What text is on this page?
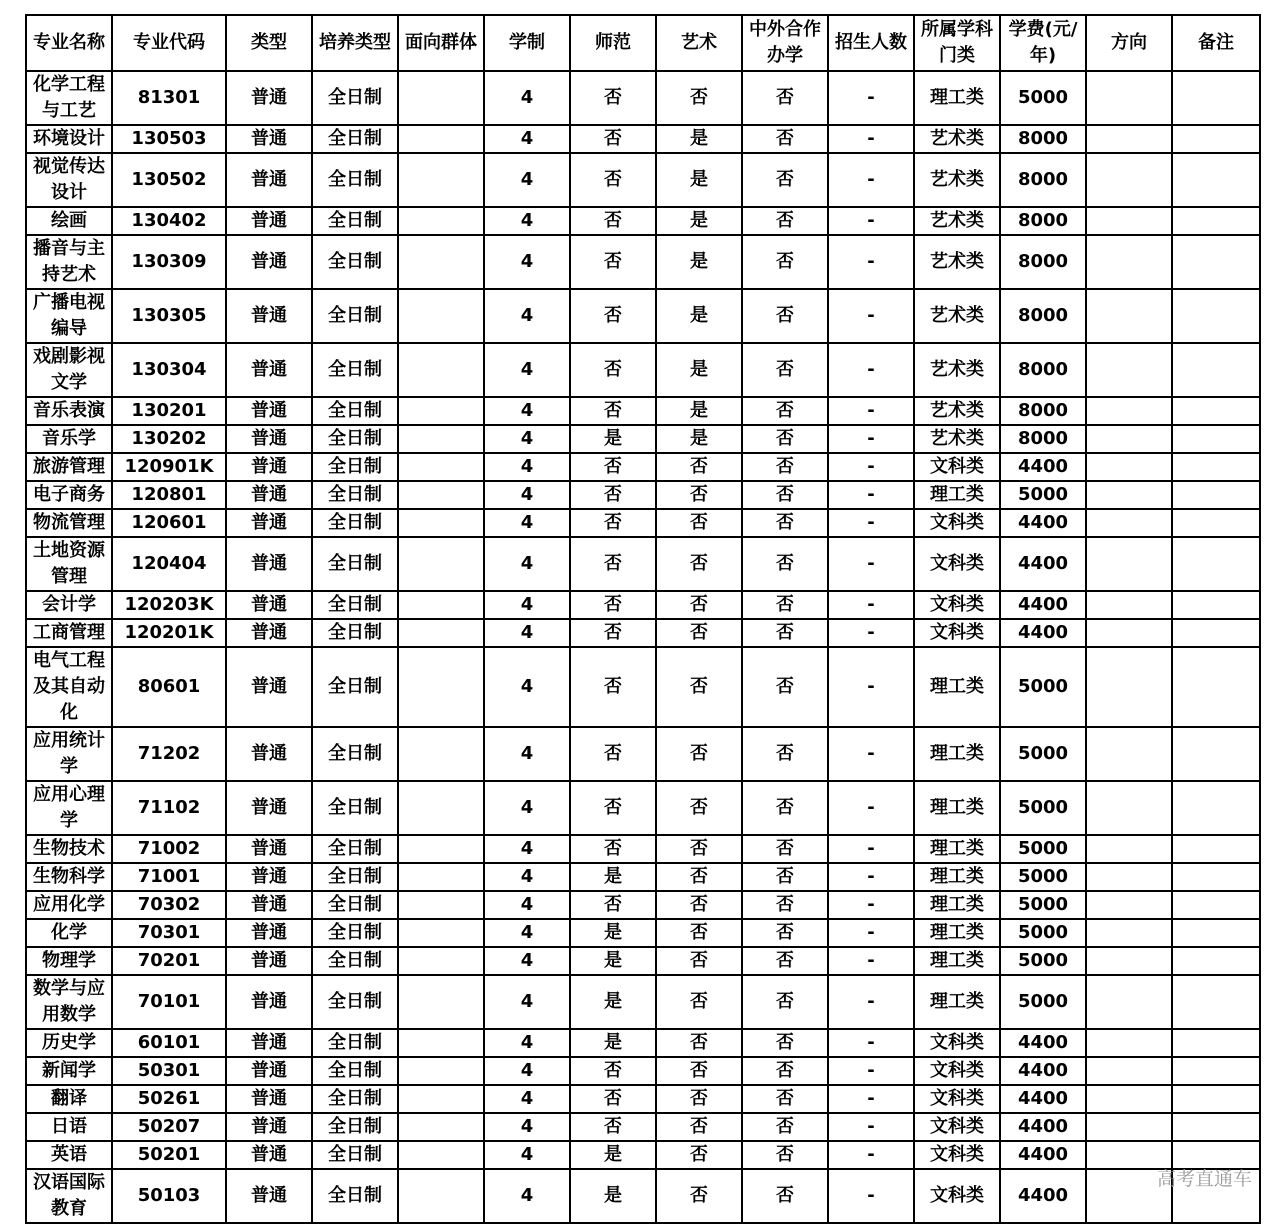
专业名称	专业代码	类型	培养类型	面向群体	学制	师范	艺术	中外合作办学	招生人数	所属学科门类	学费(元/年)	方向	备注
化学工程与工艺	81301	普通	全日制		4	否	否	否	-	理工类	5000		
环境设计	130503	普通	全日制		4	否	是	否	-	艺术类	8000		
视觉传达设计	130502	普通	全日制		4	否	是	否	-	艺术类	8000		
绘画	130402	普通	全日制		4	否	是	否	-	艺术类	8000		
播音与主持艺术	130309	普通	全日制		4	否	是	否	-	艺术类	8000		
广播电视编导	130305	普通	全日制		4	否	是	否	-	艺术类	8000		
戏剧影视文学	130304	普通	全日制		4	否	是	否	-	艺术类	8000		
音乐表演	130201	普通	全日制		4	否	是	否	-	艺术类	8000		
音乐学	130202	普通	全日制		4	是	是	否	-	艺术类	8000		
旅游管理	120901K	普通	全日制		4	否	否	否	-	文科类	4400		
电子商务	120801	普通	全日制		4	否	否	否	-	理工类	5000		
物流管理	120601	普通	全日制		4	否	否	否	-	文科类	4400		
土地资源管理	120404	普通	全日制		4	否	否	否	-	文科类	4400		
会计学	120203K	普通	全日制		4	否	否	否	-	文科类	4400		
工商管理	120201K	普通	全日制		4	否	否	否	-	文科类	4400		
电气工程及其自动化	80601	普通	全日制		4	否	否	否	-	理工类	5000		
应用统计学	71202	普通	全日制		4	否	否	否	-	理工类	5000		
应用心理学	71102	普通	全日制		4	否	否	否	-	理工类	5000		
生物技术	71002	普通	全日制		4	否	否	否	-	理工类	5000		
生物科学	71001	普通	全日制		4	是	否	否	-	理工类	5000		
应用化学	70302	普通	全日制		4	否	否	否	-	理工类	5000		
化学	70301	普通	全日制		4	是	否	否	-	理工类	5000		
物理学	70201	普通	全日制		4	是	否	否	-	理工类	5000		
数学与应用数学	70101	普通	全日制		4	是	否	否	-	理工类	5000		
历史学	60101	普通	全日制		4	是	否	否	-	文科类	4400		
新闻学	50301	普通	全日制		4	否	否	否	-	文科类	4400		
翻译	50261	普通	全日制		4	否	否	否	-	文科类	4400		
日语	50207	普通	全日制		4	否	否	否	-	文科类	4400		
英语	50201	普通	全日制		4	是	否	否	-	文科类	4400		
汉语国际教育	50103	普通	全日制		4	是	否	否	-	文科类	4400		
高考直通车
